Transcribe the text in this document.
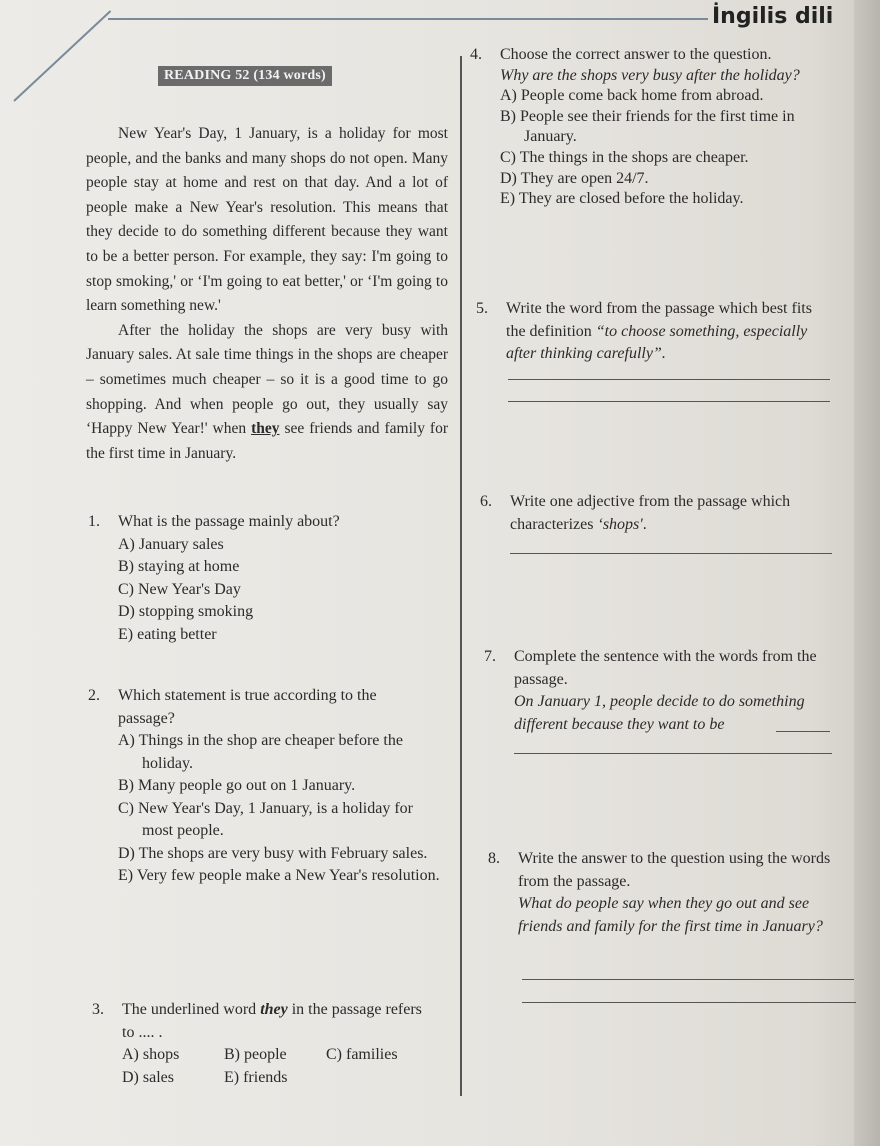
İngilis dili
READING 52 (134 words)

New Year's Day, 1 January, is a holiday for most people, and the banks and many shops do not open. Many people stay at home and rest on that day. And a lot of people make a New Year's resolution. This means that they decide to do something different because they want to be a better person. For example, they say: I'm going to stop smoking,' or ‘I'm going to eat better,' or ‘I'm going to learn something new.'

After the holiday the shops are very busy with January sales. At sale time things in the shops are cheaper – sometimes much cheaper – so it is a good time to go shopping. And when people go out, they usually say ‘Happy New Year!' when they see friends and family for the first time in January.

1. What is the passage mainly about?
A) January sales
B) staying at home
C) New Year's Day
D) stopping smoking
E) eating better
2. Which statement is true according to the passage?
A) Things in the shop are cheaper before the holiday.
B) Many people go out on 1 January.
C) New Year's Day, 1 January, is a holiday for most people.
D) The shops are very busy with February sales.
E) Very few people make a New Year's resolution.
3. The underlined word they in the passage refers to .... .
A) shops	B) people C) families
D) sales	E) friends
4. Choose the correct answer to the question.
Why are the shops very busy after the holiday?
A) People come back home from abroad.
B) People see their friends for the first time in January.
C) The things in the shops are cheaper.
D) They are open 24/7.
E) They are closed before the holiday.
5. Write the word from the passage which best fits the definition “to choose something, especially after thinking carefully”.
6. Write one adjective from the passage which characterizes ‘shops'.
7. Complete the sentence with the words from the passage.
On January 1, people decide to do something different because they want to be
8. Write the answer to the question using the words from the passage.
What do people say when they go out and see friends and family for the first time in January?
